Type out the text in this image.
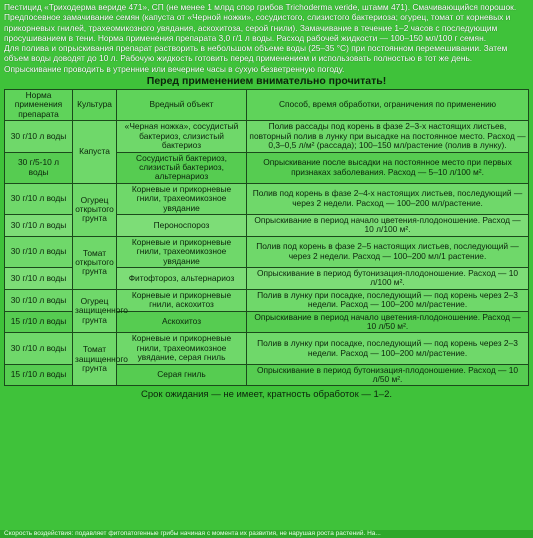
Пестицид «Триходерма вериде 471», СП (не менее 1 млрд спор грибов Trichoderma veride, штамм 471). Смачивающийся порошок.
Предпосевное замачивание семян (капуста от «Черной ножки», сосудистого, слизистого бактериоза; огурец, томат от корневых и прикорневых гнилей, трахеомикозного увядания, аскохитоза, серой гнили). Замачивание в течение 1–2 часов с последующим просушиванием в тени. Норма применения препарата 3,0 г/1 л воды. Расход рабочей жидкости — 100–150 мл/100 г семян.
Для полива и опрыскивания препарат растворить в небольшом объеме воды (25–35 °С) при постоянном перемешивании. Затем объем воды доводят до 10 л. Рабочую жидкость готовить перед применением и использовать полностью в тот же день. Опрыскивание проводить в утренние или вечерние часы в сухую безветренную погоду.
Перед применением внимательно прочитать!
Норма применения препарата	Культура	Вредный объект	Способ, время обработки, ограничения по применению
30 г/10 л воды	Капуста	«Черная ножка», сосудистый бактериоз, слизистый бактериоз	Полив рассады под корень в фазе 2–3-х настоящих листьев, повторный полив в лунку при высадке на постоянное место. Расход — 0,3–0,5 л/м² (рассада); 100–150 мл/растение (полив в лунку).
30 г/5-10 л воды		Сосудистый бактериоз, слизистый бактериоз, альтернариоз	Опрыскивание после высадки на постоянное место при первых признаках заболевания. Расход — 5–10 л/100 м².
30 г/10 л воды	Огурец открытого грунта	Корневые и прикорневые гнили, трахеомикозное увядание	Полив под корень в фазе 2–4-х настоящих листьев, последующий — через 2 недели. Расход — 100–200 мл/растение.
30 г/10 л воды		Пероноспороз	Опрыскивание в период начало цветения-плодоношение. Расход — 10 л/100 м².
30 г/10 л воды	Томат открытого грунта	Корневые и прикорневые гнили, трахеомикозное увядание	Полив под корень в фазе 2–5 настоящих листьев, последующий — через 2 недели. Расход — 100–200 мл/1 растение.
30 г/10 л воды		Фитофтороз, альтернариоз	Опрыскивание в период бутонизация-плодоношение. Расход — 10 л/100 м².
30 г/10 л воды	Огурец защищенного грунта	Корневые и прикорневые гнили, аскохитоз	Полив в лунку при посадке, последующий — под корень через 2–3 недели. Расход — 100–200 мл/растение.
15 г/10 л воды		Аскохитоз	Опрыскивание в период начало цветения-плодоношение. Расход — 10 л/50 м².
30 г/10 л воды	Томат защищенного грунта	Корневые и прикорневые гнили, трахеомикозное увядание, серая гниль	Полив в лунку при посадке, последующий — под корень через 2–3 недели. Расход — 100–200 мл/растение.
15 г/10 л воды		Серая гниль	Опрыскивание в период бутонизация-плодоношение. Расход — 10 л/50 м².
Срок ожидания — не имеет, кратность обработок — 1–2.
Скорость воздействия: подавляет фитопатогенные грибы начиная с момента их развития, не нарушая роста растений. На...
